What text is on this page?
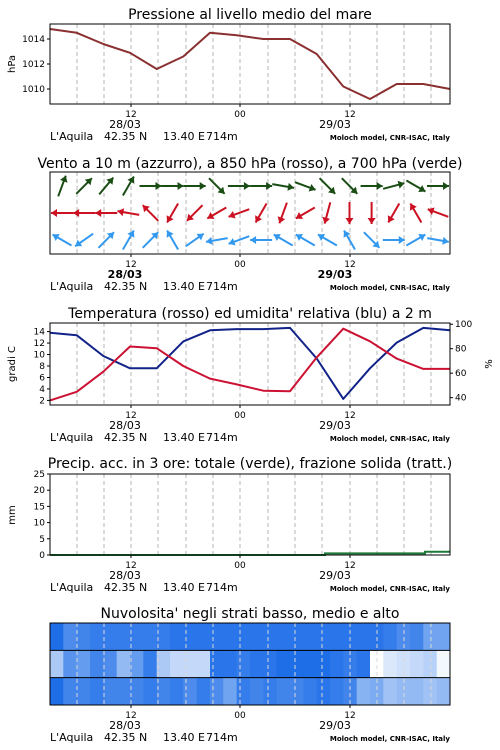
Pressione al livello medio del mare
hPa
1010
1012
1014
12	00	12
28/03	29/03
L'Aquila 42.35 N 13.40 E 714m	Moloch model, CNR-ISAC, Italy
Vento a 10 m (azzurro), a 850 hPa (rosso), a 700 hPa (verde)
12	00	12
28/03	29/03
L'Aquila 42.35 N 13.40 E 714m	Moloch model, CNR-ISAC, Italy
Temperatura (rosso) ed umidita' relativa (blu) a 2 m
gradi C	%
2
4
6
8
10
12
14
40
60
80
100
12	00	12
28/03	29/03
L'Aquila 42.35 N 13.40 E 714m	Moloch model, CNR-ISAC, Italy
Precip. acc. in 3 ore: totale (verde), frazione solida (tratt.)
mm
0
5
10
15
20
25
12	00	12
28/03	29/03
L'Aquila 42.35 N 13.40 E 714m	Moloch model, CNR-ISAC, Italy
Nuvolosita' negli strati basso, medio e alto
12	00	12
28/03	29/03
L'Aquila 42.35 N 13.40 E 714m	Moloch model, CNR-ISAC, Italy
